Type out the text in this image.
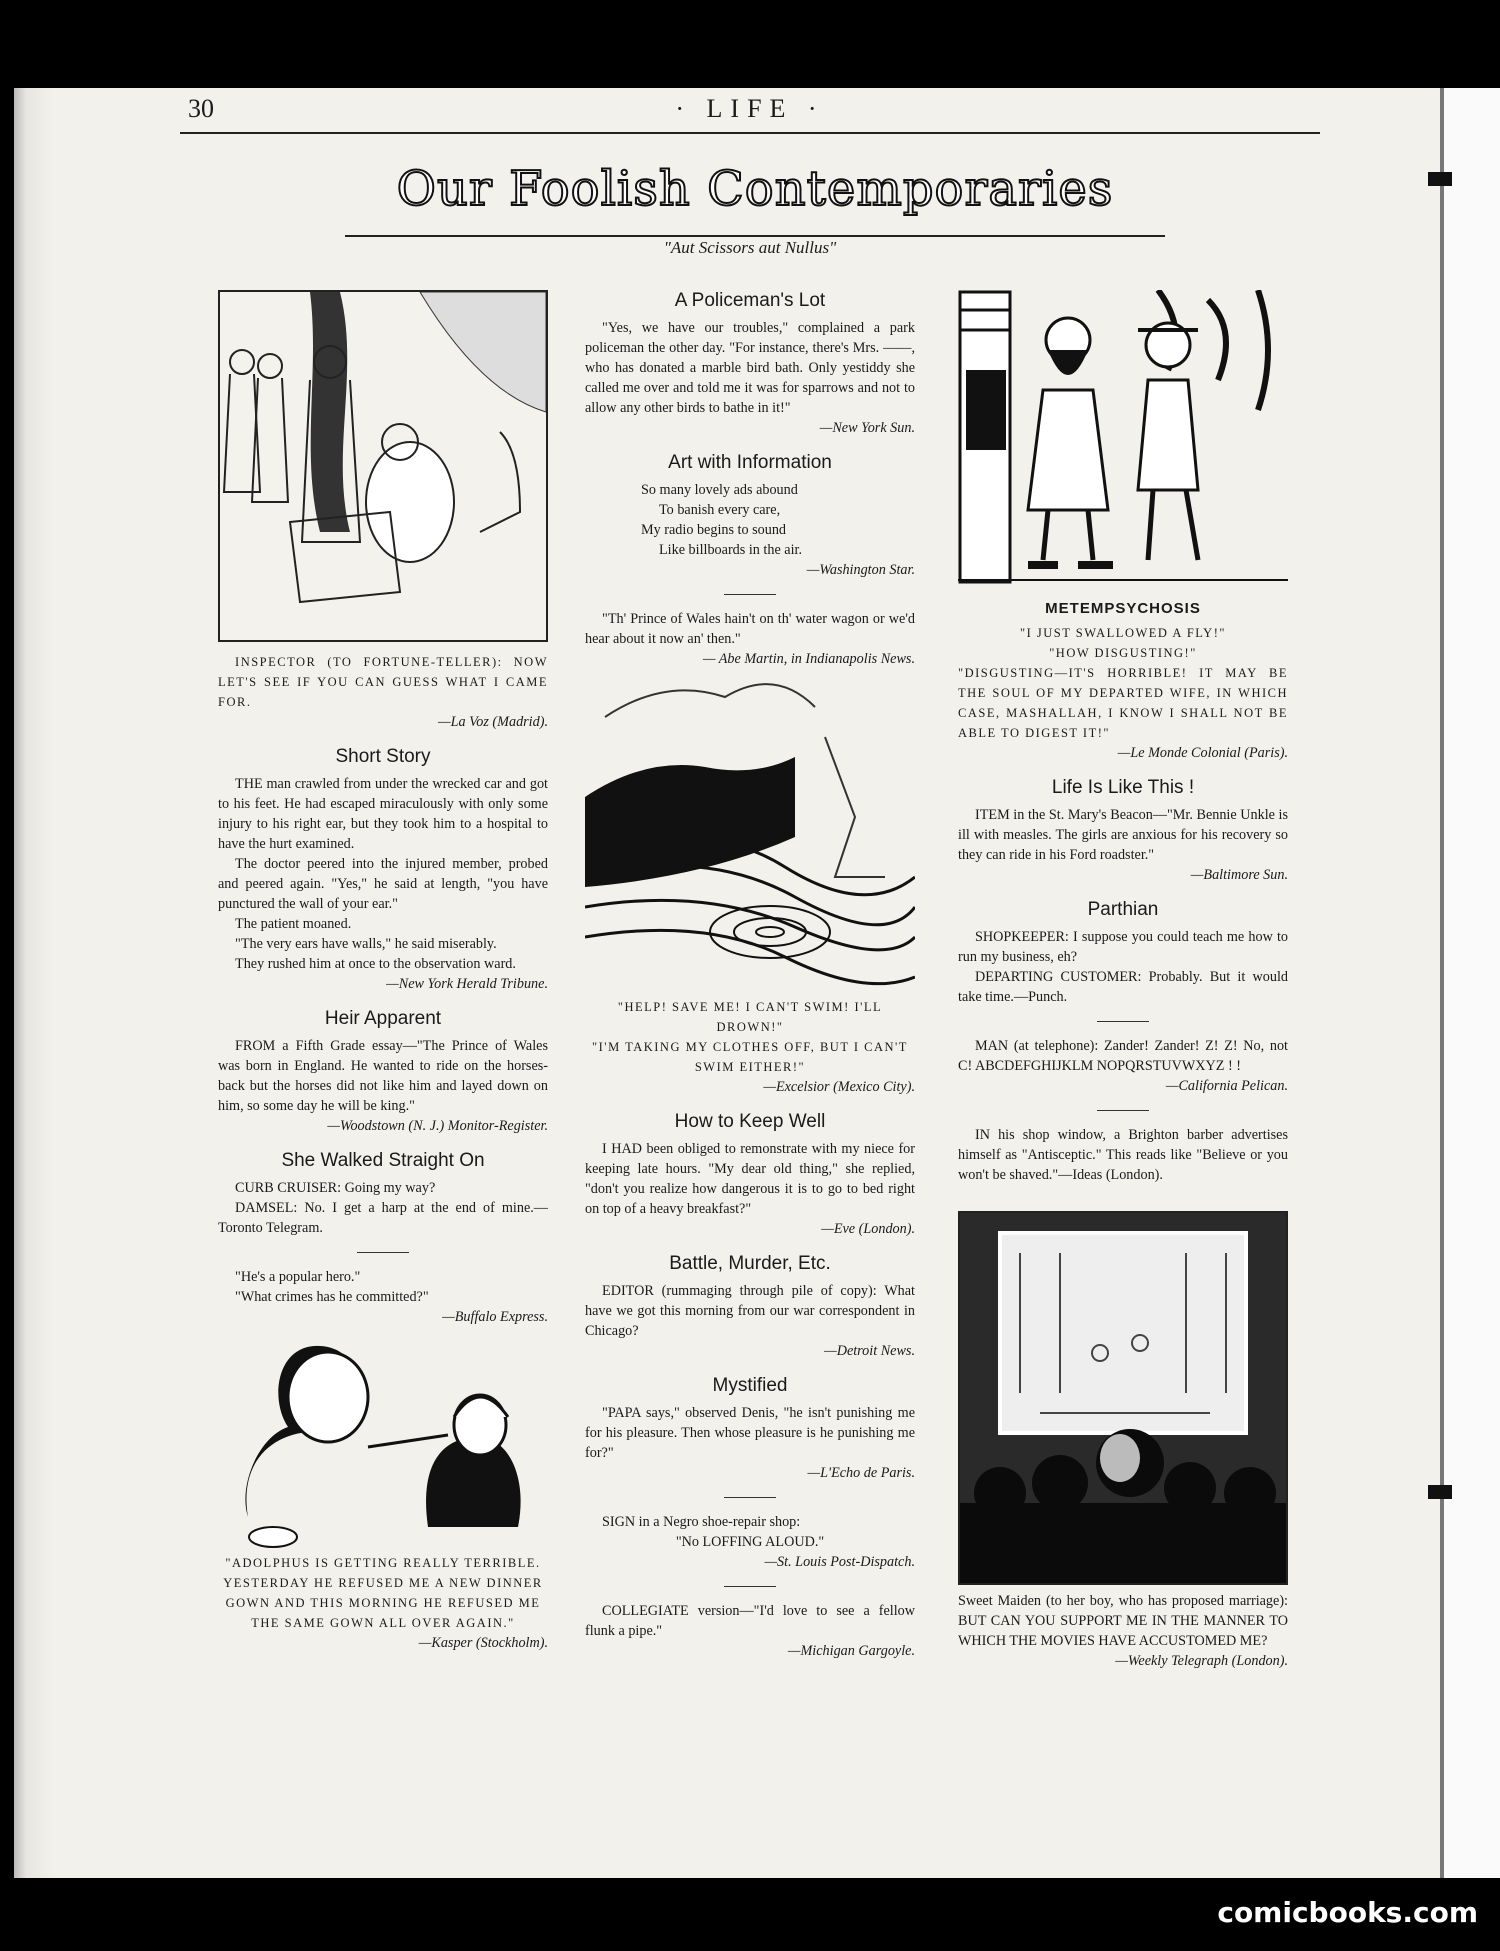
30	· LIFE ·
Our Foolish Contemporaries
"Aut Scissors aut Nullus"

INSPECTOR (TO FORTUNE-TELLER): NOW LET'S SEE IF YOU CAN GUESS WHAT I CAME FOR.

—La Voz (Madrid).

Short Story

THE man crawled from under the wrecked car and got to his feet. He had escaped miraculously with only some injury to his right ear, but they took him to a hospital to have the hurt examined.

The doctor peered into the injured member, probed and peered again. "Yes," he said at length, "you have punctured the wall of your ear."

The patient moaned.

"The very ears have walls," he said miserably.

They rushed him at once to the observation ward.

—New York Herald Tribune.

Heir Apparent

FROM a Fifth Grade essay—"The Prince of Wales was born in England. He wanted to ride on the horses-back but the horses did not like him and layed down on him, so some day he will be king."

—Woodstown (N. J.) Monitor-Register.

She Walked Straight On

CURB CRUISER: Going my way?

DAMSEL: No. I get a harp at the end of mine.—Toronto Telegram.

"He's a popular hero."

"What crimes has he committed?"

—Buffalo Express.

"ADOLPHUS IS GETTING REALLY TERRIBLE. YESTERDAY HE REFUSED ME A NEW DINNER GOWN AND THIS MORNING HE REFUSED ME THE SAME GOWN ALL OVER AGAIN."

—Kasper (Stockholm).

A Policeman's Lot

"Yes, we have our troubles," complained a park policeman the other day. "For instance, there's Mrs. ——, who has donated a marble bird bath. Only yestiddy she called me over and told me it was for sparrows and not to allow any other birds to bathe in it!"

—New York Sun.

Art with Information

So many lovely ads abound

To banish every care,

My radio begins to sound

Like billboards in the air.

—Washington Star.

"Th' Prince of Wales hain't on th' water wagon or we'd hear about it now an' then."

— Abe Martin, in Indianapolis News.

"HELP! SAVE ME! I CAN'T SWIM! I'LL DROWN!"

"I'M TAKING MY CLOTHES OFF, BUT I CAN'T SWIM EITHER!"

—Excelsior (Mexico City).

How to Keep Well

I HAD been obliged to remonstrate with my niece for keeping late hours. "My dear old thing," she replied, "don't you realize how dangerous it is to go to bed right on top of a heavy breakfast?"

—Eve (London).

Battle, Murder, Etc.

EDITOR (rummaging through pile of copy): What have we got this morning from our war correspondent in Chicago?

—Detroit News.

Mystified

"PAPA says," observed Denis, "he isn't punishing me for his pleasure. Then whose pleasure is he punishing me for?"

—L'Echo de Paris.

SIGN in a Negro shoe-repair shop:

"No LOFFING ALOUD."

—St. Louis Post-Dispatch.

COLLEGIATE version—"I'd love to see a fellow flunk a pipe."

—Michigan Gargoyle.

METEMPSYCHOSIS

"I JUST SWALLOWED A FLY!"

"HOW DISGUSTING!"

"DISGUSTING—IT'S HORRIBLE! IT MAY BE THE SOUL OF MY DEPARTED WIFE, IN WHICH CASE, MASHALLAH, I KNOW I SHALL NOT BE ABLE TO DIGEST IT!"

—Le Monde Colonial (Paris).

Life Is Like This !

ITEM in the St. Mary's Beacon—"Mr. Bennie Unkle is ill with measles. The girls are anxious for his recovery so they can ride in his Ford roadster."

—Baltimore Sun.

Parthian

SHOPKEEPER: I suppose you could teach me how to run my business, eh?

DEPARTING CUSTOMER: Probably. But it would take time.—Punch.

MAN (at telephone): Zander! Zander! Z! Z! No, not C! ABCDEFGHIJKLM NOPQRSTUVWXYZ ! !

—California Pelican.

IN his shop window, a Brighton barber advertises himself as "Antisceptic." This reads like "Believe or you won't be shaved."—Ideas (London).

Sweet Maiden (to her boy, who has proposed marriage): BUT CAN YOU SUPPORT ME IN THE MANNER TO WHICH THE MOVIES HAVE ACCUSTOMED ME?

—Weekly Telegraph (London).

comicbooks.com
